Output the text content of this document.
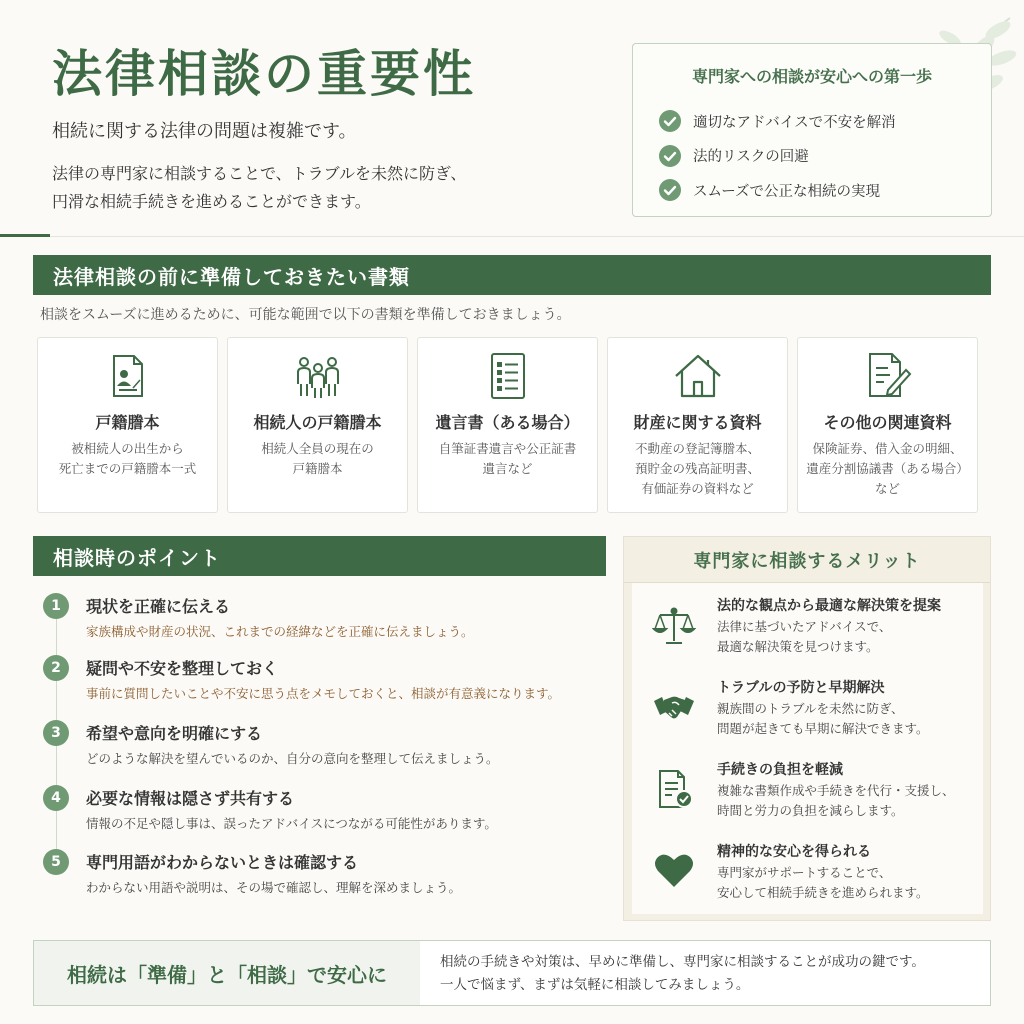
法律相談の重要性

相続に関する法律の問題は複雑です。

法律の専門家に相談することで、トラブルを未然に防ぎ、
円滑な相続手続きを進めることができます。
専門家への相談が安心への第一歩
適切なアドバイスで不安を解消
法的リスクの回避
スムーズで公正な相続の実現
法律相談の前に準備しておきたい書類

相談をスムーズに進めるために、可能な範囲で以下の書類を準備しておきましょう。

戸籍謄本
被相続人の出生から
死亡までの戸籍謄本一式
相続人の戸籍謄本
相続人全員の現在の
戸籍謄本
遺言書（ある場合）
自筆証書遺言や公正証書
遺言など
財産に関する資料
不動産の登記簿謄本、
預貯金の残高証明書、
有価証券の資料など
その他の関連資料
保険証券、借入金の明細、
遺産分割協議書（ある場合）
など
相談時のポイント
1	現状を正確に伝える
家族構成や財産の状況、これまでの経緯などを正確に伝えましょう。
2	疑問や不安を整理しておく
事前に質問したいことや不安に思う点をメモしておくと、相談が有意義になります。
3	希望や意向を明確にする
どのような解決を望んでいるのか、自分の意向を整理して伝えましょう。
4	必要な情報は隠さず共有する
情報の不足や隠し事は、誤ったアドバイスにつながる可能性があります。
5	専門用語がわからないときは確認する
わからない用語や説明は、その場で確認し、理解を深めましょう。
専門家に相談するメリット
法的な観点から最適な解決策を提案
法律に基づいたアドバイスで、
最適な解決策を見つけます。
トラブルの予防と早期解決
親族間のトラブルを未然に防ぎ、
問題が起きても早期に解決できます。
手続きの負担を軽減
複雑な書類作成や手続きを代行・支援し、
時間と労力の負担を減らします。
精神的な安心を得られる
専門家がサポートすることで、
安心して相続手続きを進められます。
相続は「準備」と「相談」で安心に
相続の手続きや対策は、早めに準備し、専門家に相談することが成功の鍵です。
一人で悩まず、まずは気軽に相談してみましょう。
